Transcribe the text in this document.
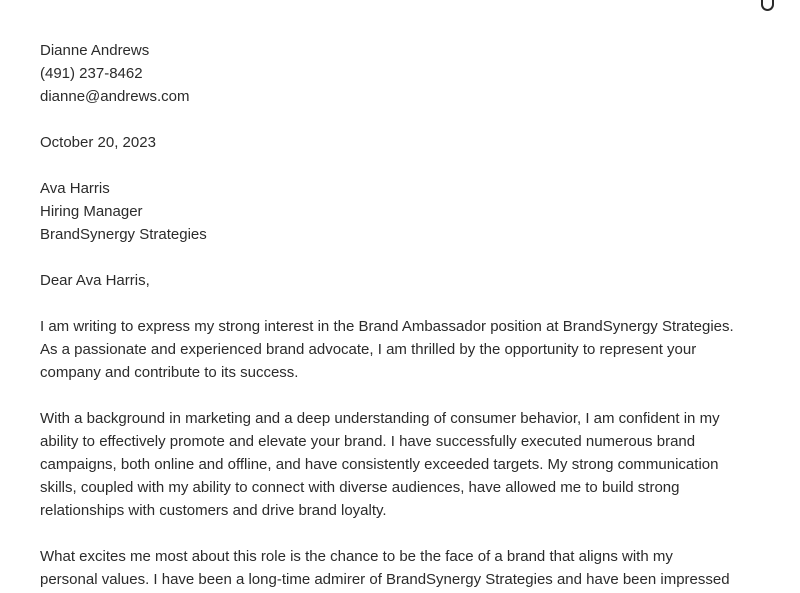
Dianne Andrews
(491) 237-8462
dianne@andrews.com
October 20, 2023
Ava Harris
Hiring Manager
BrandSynergy Strategies
Dear Ava Harris,
I am writing to express my strong interest in the Brand Ambassador position at BrandSynergy Strategies.
As a passionate and experienced brand advocate, I am thrilled by the opportunity to represent your
company and contribute to its success.
With a background in marketing and a deep understanding of consumer behavior, I am confident in my
ability to effectively promote and elevate your brand. I have successfully executed numerous brand
campaigns, both online and offline, and have consistently exceeded targets. My strong communication
skills, coupled with my ability to connect with diverse audiences, have allowed me to build strong
relationships with customers and drive brand loyalty.
What excites me most about this role is the chance to be the face of a brand that aligns with my
personal values. I have been a long-time admirer of BrandSynergy Strategies and have been impressed
